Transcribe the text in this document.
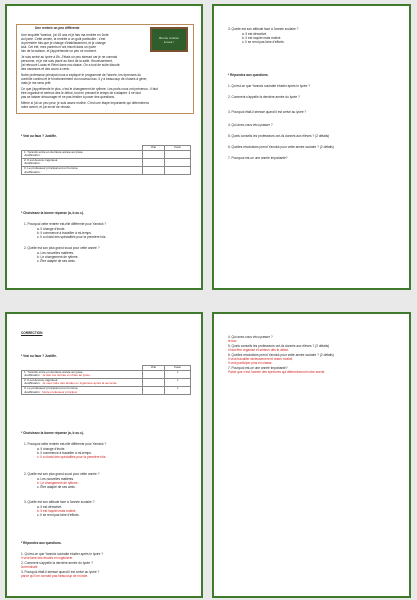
Une rentrée un peu différente
Bonne rentrée
à tous !
Une enquête Yannick, j'ai 15 ans et je fais ma rentrée en 2nde
au lycée. Cette année, la rentrée a un goût particulier : c'est
la première fois que je change d'établissement, et je change
tout. Cet été, mes parents m'ont inscrit dans un lycée
loin de la maison, et j'appréhende un peu ce moment.
Je suis arrivé au lycée à 8h. J'étais un peu stressé car je ne connais
personne, et je me suis placé au fond de la salle. Heureusement,
j'ai retrouvé Lucas et Rémi dans ma classe. On a tout de suite discuté
des vacances et des cours à venir.
Notre professeur principal nous a expliqué le programme de l'année, les épreuves du
contrôle continu et le fonctionnement du nouveau bac. Il y a beaucoup de choses à gérer,
mais je me sens prêt.
Ce que j'appréhende le plus, c'est le changement de rythme. Les profs nous ont prévenus : il faut
être organisé et sérieux dès le début, tout en prenant le temps de s'adapter. Il ne faut
pas se laisser décourager et ne pas hésiter à poser des questions.
Même si j'ai un peu peur, je suis assez motivé. C'est une étape importante qui déterminera
notre avenir, et j'ai envie de réussir.
* Vrai ou faux ? Justifie.
	Vrai	Faux

1. Yannick entre en dernière année au lycée.
Justification :		

2. Il est devenu ingénieur.
Justification :		

3. Le professeur principal est un homme.
Justification :		

* Choisissez la bonne réponse (a, b ou c).
1. Pourquoi cette rentrée est-elle différente pour Yannick ?
a. Il change d'école.
b. Il commence à travailler à mi-temps.
c. Il a choisi des spécialités pour la première fois.
2. Quelle est son plus grand souci pour cette année ?
a. Les nouvelles matières.
b. Le changement de rythme.
c. Être adapté de ses amis.
3. Quelle est son attitude face à l'année scolaire ?
a. Il est démotivé.
b. Il est inquiet mais motivé.
c. Il se rend pas faire d'efforts.
* Répondez aux questions.
1. Qu'est-ce que Yannick souhaite étudier après le lycée ?
2. Comment s'appelle la dernière année du lycée ?
3. Pourquoi était-il stressé quand il est arrivé au lycée ?
4. Qui avez-vous vécu passer ?
5. Quels conseils les professeurs ont-ils donnés aux élèves ? (2 détails)
6. Quelles résolutions prend Yannick pour cette année scolaire ? (2 détails)
7. Pourquoi est-ce une année importante?
CORRECTION
* Vrai ou faux ? Justifie.
	Vrai	Faux

1. Yannick entre en dernière année au lycée.
Justification : Je fais ma rentrée en 2nde au lycée.		x

2. Il est devenu ingénieur.
Justification : Je veux faire des études en ingénierie après la seconde.		x

3. Le professeur principal est un homme.
Justification : Notre professeur principal.		x
* Choisissez la bonne réponse (a, b ou c).
1. Pourquoi cette rentrée est-elle différente pour Yannick ?
a. Il change d'école.
b. Il commence à travailler à mi-temps.
c. Il a choisi des spécialités pour la première fois.
2. Quelle est son plus grand souci pour cette année ?
a. Les nouvelles matières.
b. Le changement de rythme.
c. Être adapté de ses amis.
3. Quelle est son attitude face à l'année scolaire ?
a. Il est démotivé.
b. Il est inquiet mais motivé.
c. Il se rend pas faire d'efforts.
* Répondez aux questions.
1. Qu'est-ce que Yannick souhaite étudier après le lycée ?
Il veut faire des études en ingénierie.
2. Comment s'appelle la dernière année du lycée ?
la terminale
3. Pourquoi était-il stressé quand il est arrivé au lycée ?
parce qu'il ne connaît pas beaucoup de monde.
4. Qui avez-vous vécu passer ?
le bac
5. Quels conseils les professeurs ont-ils donnés aux élèves ? (2 détails)
il faut être organisé et sérieux dès le début.
6. Quelles résolutions prend Yannick pour cette année scolaire ? (2 détails)
Il veut travailler sérieusement et rester motivé,
Il veut participer plus en classe.
7. Pourquoi est-ce une année importante?
Parce que c'est l'année des épreuves qui détermineront notre avenir.
